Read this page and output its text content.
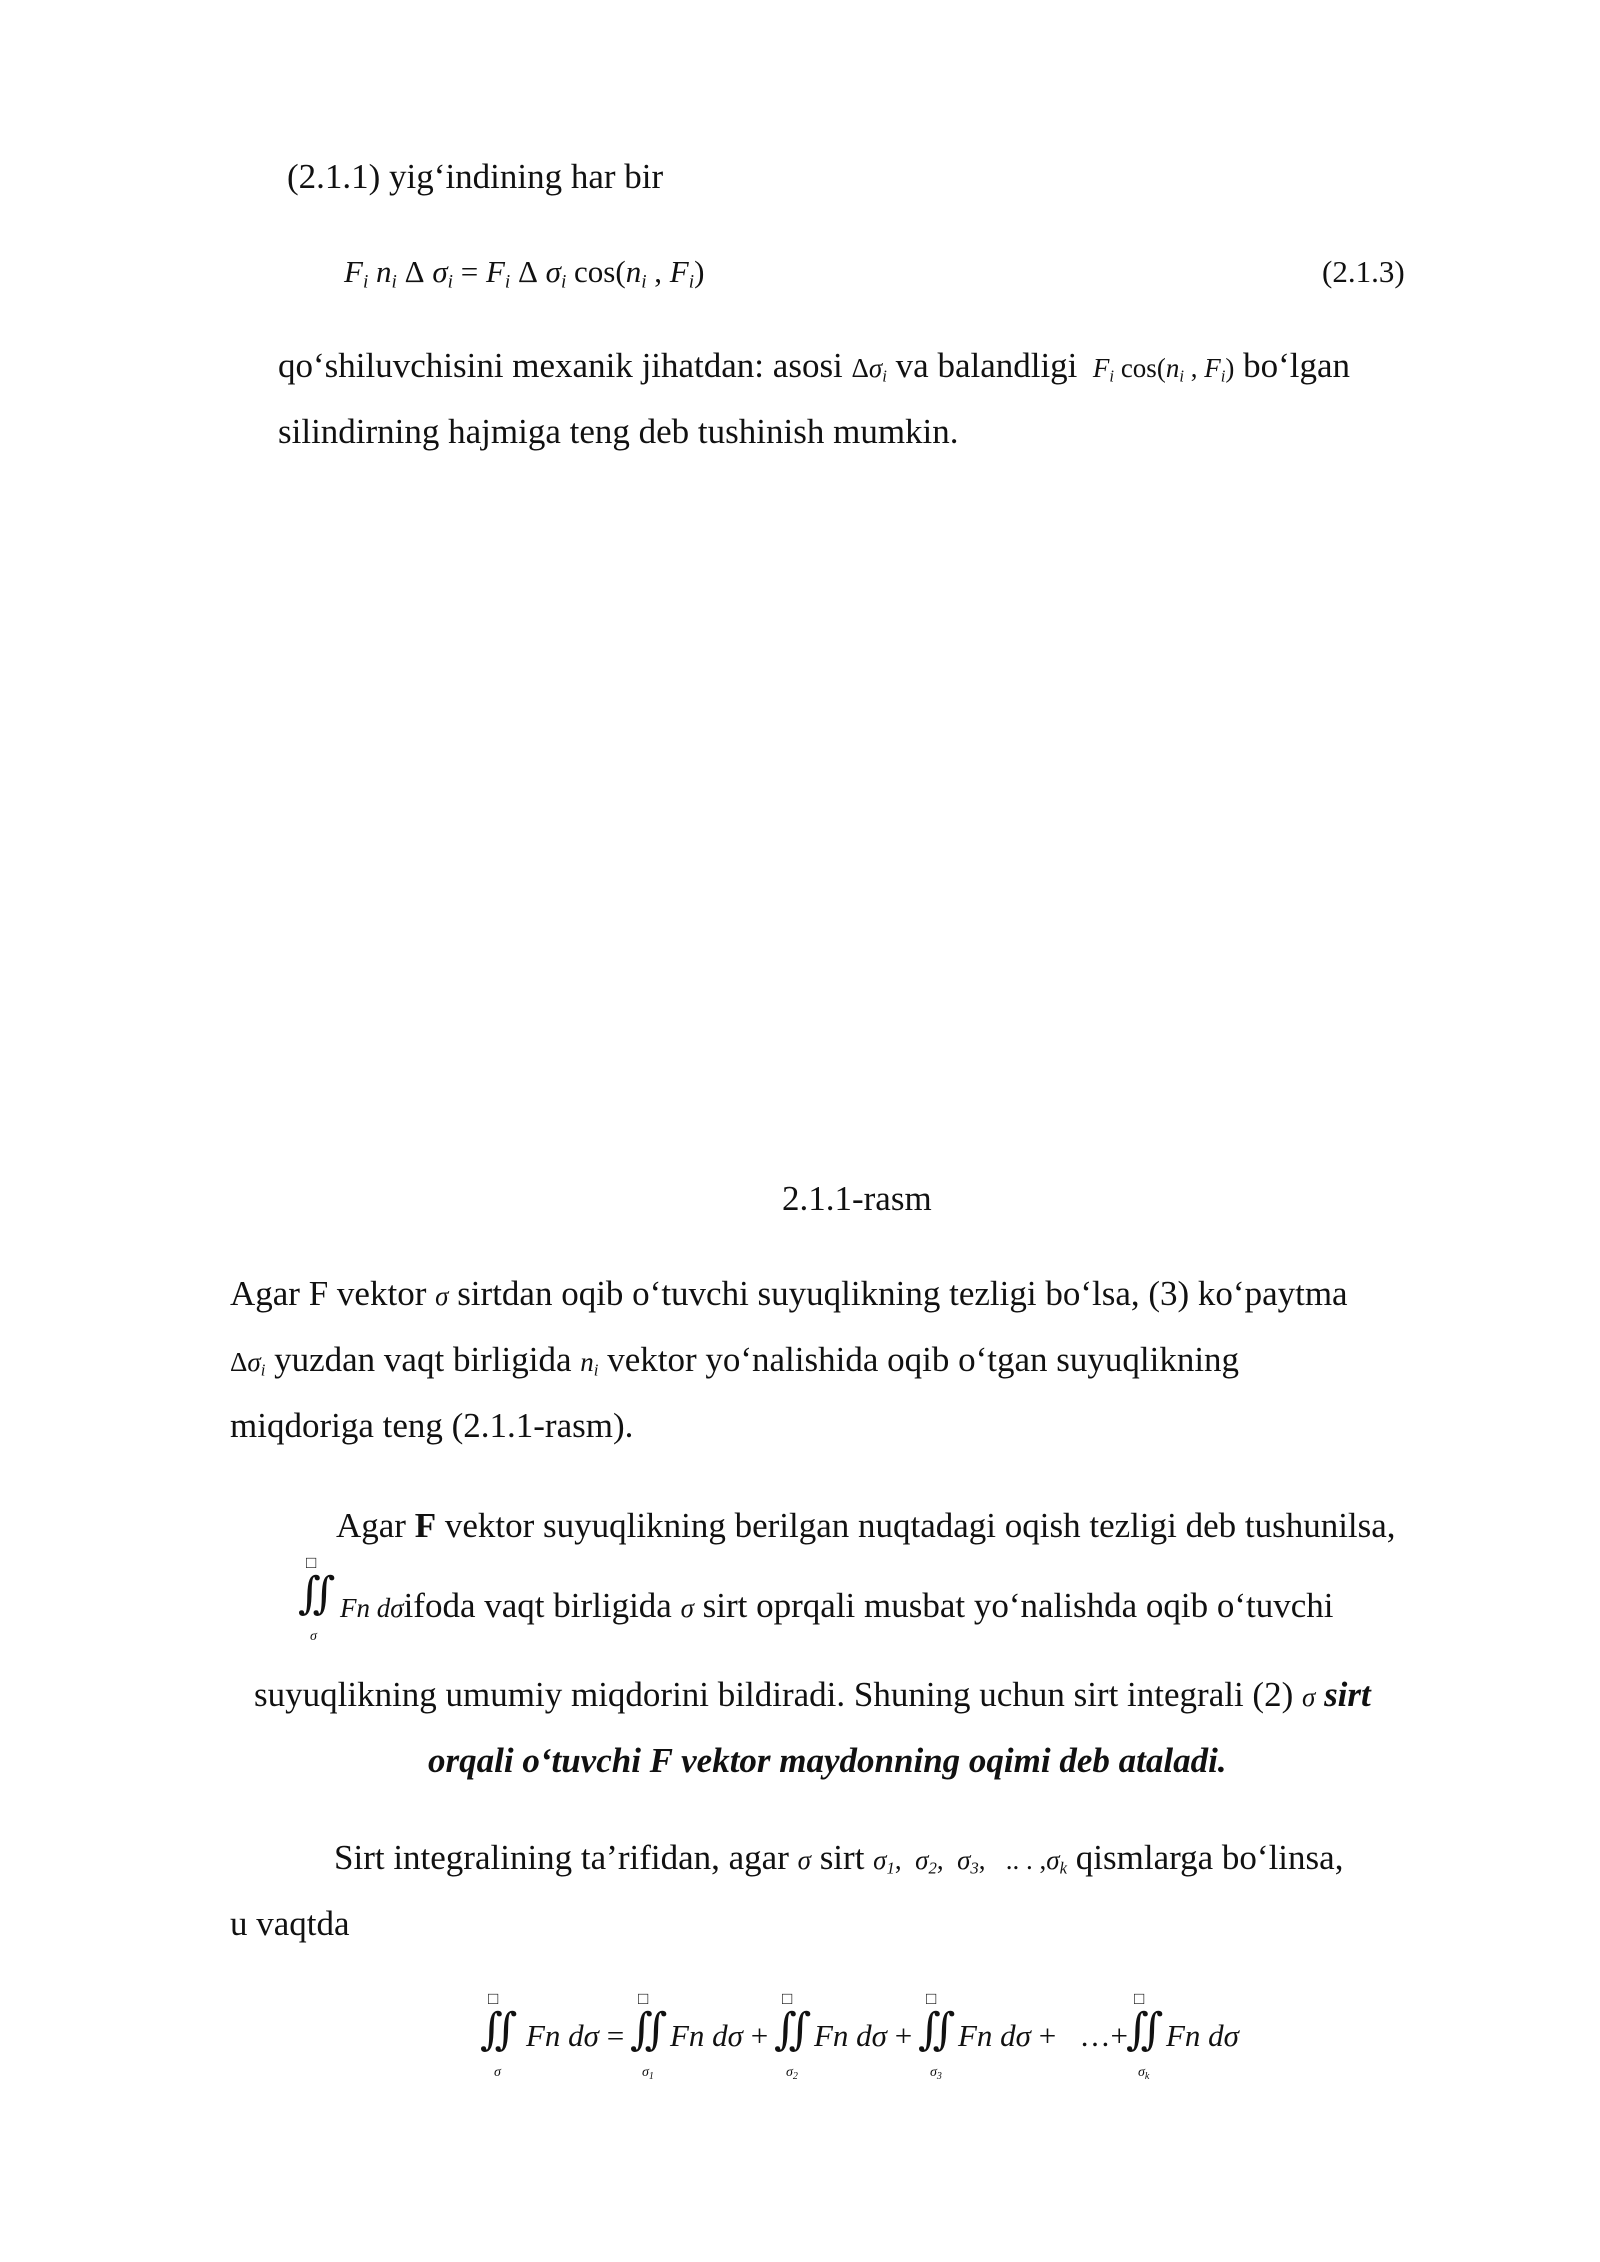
(2.1.1) yig‘indining har bir
$F_i$ $n_i$ Δ $\sigma_i = F_i$ Δ $\sigma_i$ $\cos(n_i$ , $F_i$)	(2.1.3)
qo‘shiluvchisini mexanik jihatdan: asosi $\Delta\sigma_i$ va balandligi  $F_i$ $\cos(n_i$ , $F_i$) bo‘lgan
silindirning hajmiga teng deb tushinish mumkin.
2.1.1-rasm
Agar F vektor σ sirtdan oqib o‘tuvchi suyuqlikning tezligi bo‘lsa, (3) ko‘paytma
$\Delta\sigma_i$ yuzdan vaqt birligida $n_i$ vektor yo‘nalishida oqib o‘tgan suyuqlikning
miqdoriga teng (2.1.1-rasm).
Agar F vektor suyuqlikning berilgan nuqtadagi oqish tezligi deb tushunilsa,
□
∬
σ
Fn dσifoda vaqt birligida σ sirt oprqali musbat yo‘nalishda oqib o‘tuvchi
suyuqlikning umumiy miqdorini bildiradi. Shuning uchun sirt integrali (2) σ sirt
orqali o‘tuvchi F vektor maydonning oqimi deb ataladi.
Sirt integralining ta’rifidan, agar σ sirt $\sigma_1$,  $\sigma_2$,  $\sigma_3$, .. . $,\sigma_k$ qismlarga bo‘linsa,
u vaqtda
□
∬
σ
Fn dσ =
□
∬
$\sigma_1$
Fn dσ +
□
∬
$\sigma_2$
Fn dσ +
□
∬
$\sigma_3$
Fn dσ +   …+
□
∬
$\sigma_k$
Fn dσ
